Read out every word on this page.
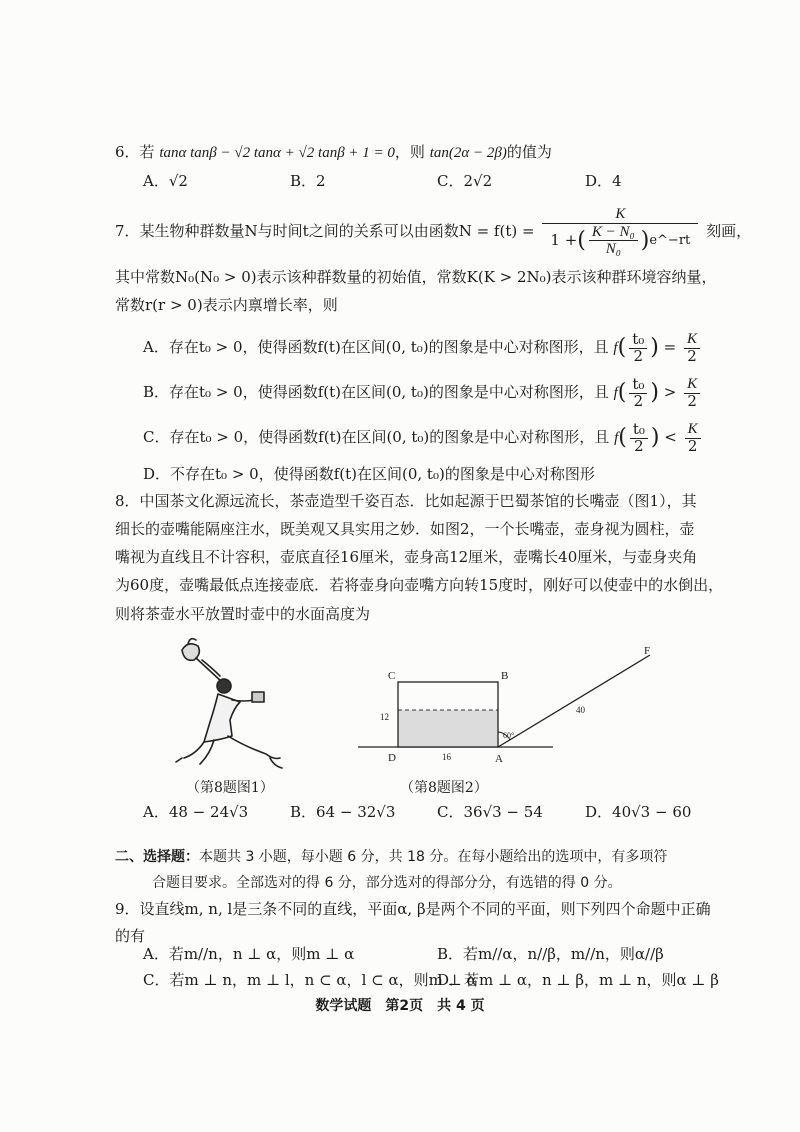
6．若 tanα tanβ − √2 tanα + √2 tanβ + 1 = 0，则 tan(2α − 2β)的值为
A．√2	B．2	C．2√2	D．4
7．某生物种群数量N与时间t之间的关系可以由函数N = f(t) =
K
1 + ( $\frac{\text{K − N₀}}{\text{N₀}}$ ) e^−rt
刻画，
其中常数N₀(N₀ > 0)表示该种群数量的初始值，常数K(K > 2N₀)表示该种群环境容纳量，
常数r(r > 0)表示内禀增长率，则
A．存在t₀ > 0，使得函数f(t)在区间(0, t₀)的图象是中心对称图形，且 $f( \frac{\text{t₀}}{2}$ ) = $\frac{K}{2}$
B．存在t₀ > 0，使得函数f(t)在区间(0, t₀)的图象是中心对称图形，且 $f( \frac{\text{t₀}}{2}$ ) > $\frac{K}{2}$
C．存在t₀ > 0，使得函数f(t)在区间(0, t₀)的图象是中心对称图形，且 $f( \frac{\text{t₀}}{2}$ ) < $\frac{K}{2}$
D．不存在t₀ > 0，使得函数f(t)在区间(0, t₀)的图象是中心对称图形
8．中国茶文化源远流长，茶壶造型千姿百态．比如起源于巴蜀茶馆的长嘴壶（图1），其
细长的壶嘴能隔座注水，既美观又具实用之妙．如图2，一个长嘴壶，壶身视为圆柱，壶
嘴视为直线且不计容积，壶底直径16厘米，壶身高12厘米，壶嘴长40厘米，与壶身夹角
为60度，壶嘴最低点连接壶底．若将壶身向壶嘴方向转15度时，刚好可以使壶中的水倒出，
则将茶壶水平放置时壶中的水面高度为
C	B
D	A
F
12
16
40
60°
（第8题图1）	（第8题图2）
A．48 − 24√3	B．64 − 32√3	C．36√3 − 54	D．40√3 − 60
二、选择题：本题共 3 小题，每小题 6 分，共 18 分。在每小题给出的选项中，有多项符
合题目要求。全部选对的得 6 分，部分选对的得部分分，有选错的得 0 分。
9．设直线m, n, l是三条不同的直线，平面α, β是两个不同的平面，则下列四个命题中正确
的有
A．若m//n，n ⊥ α，则m ⊥ α	B．若m//α，n//β，m//n，则α//β
C．若m ⊥ n，m ⊥ l，n ⊂ α，l ⊂ α，则m ⊥ α
D．若m ⊥ α，n ⊥ β，m ⊥ n，则α ⊥ β
数学试题　第2页　共 4 页
